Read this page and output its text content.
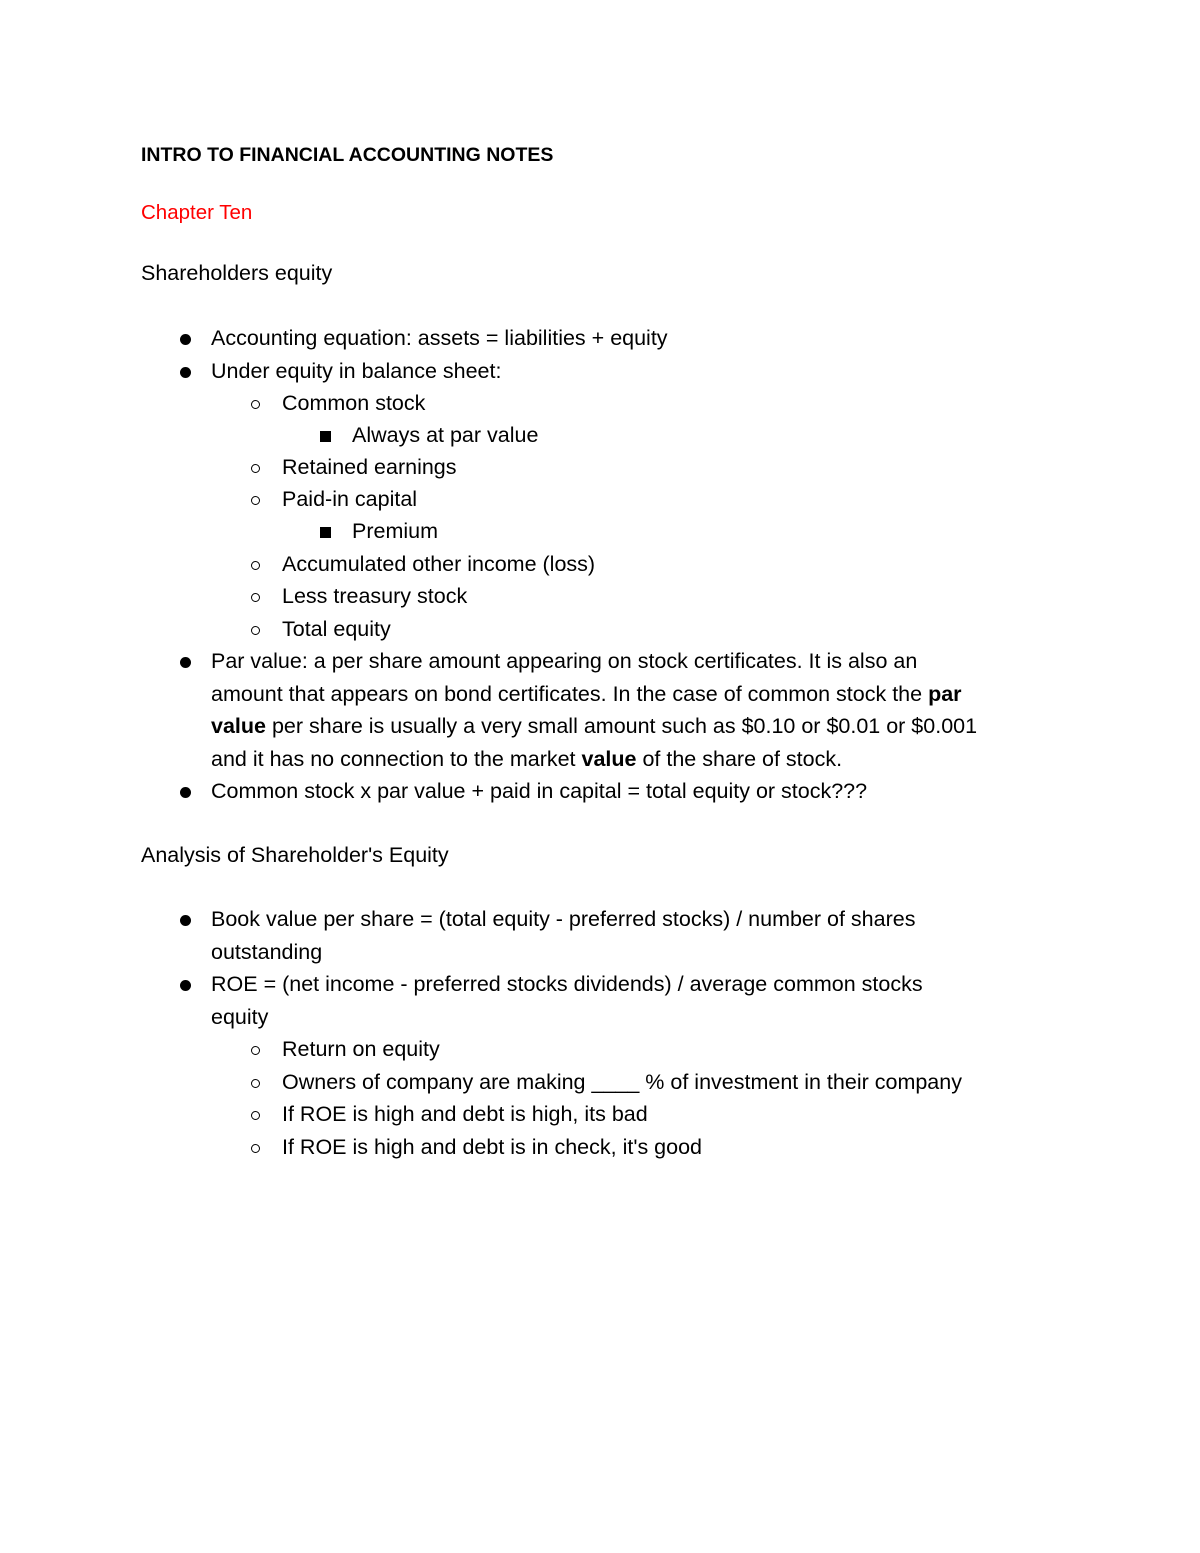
INTRO TO FINANCIAL ACCOUNTING NOTES
Chapter Ten
Shareholders equity
Accounting equation: assets = liabilities + equity
Under equity in balance sheet:
Common stock
Always at par value
Retained earnings
Paid-in capital
Premium
Accumulated other income (loss)
Less treasury stock
Total equity

Par value: a per share amount appearing on stock certificates. It is also an

amount that appears on bond certificates. In the case of common stock the par

value per share is usually a very small amount such as $0.10 or $0.01 or $0.001

and it has no connection to the market value of the share of stock.

Common stock x par value + paid in capital = total equity or stock???
Analysis of Shareholder's Equity

Book value per share = (total equity - preferred stocks) / number of shares

outstanding

ROE = (net income - preferred stocks dividends) / average common stocks

equity

Return on equity
Owners of company are making ____ % of investment in their company
If ROE is high and debt is high, its bad
If ROE is high and debt is in check, it's good
